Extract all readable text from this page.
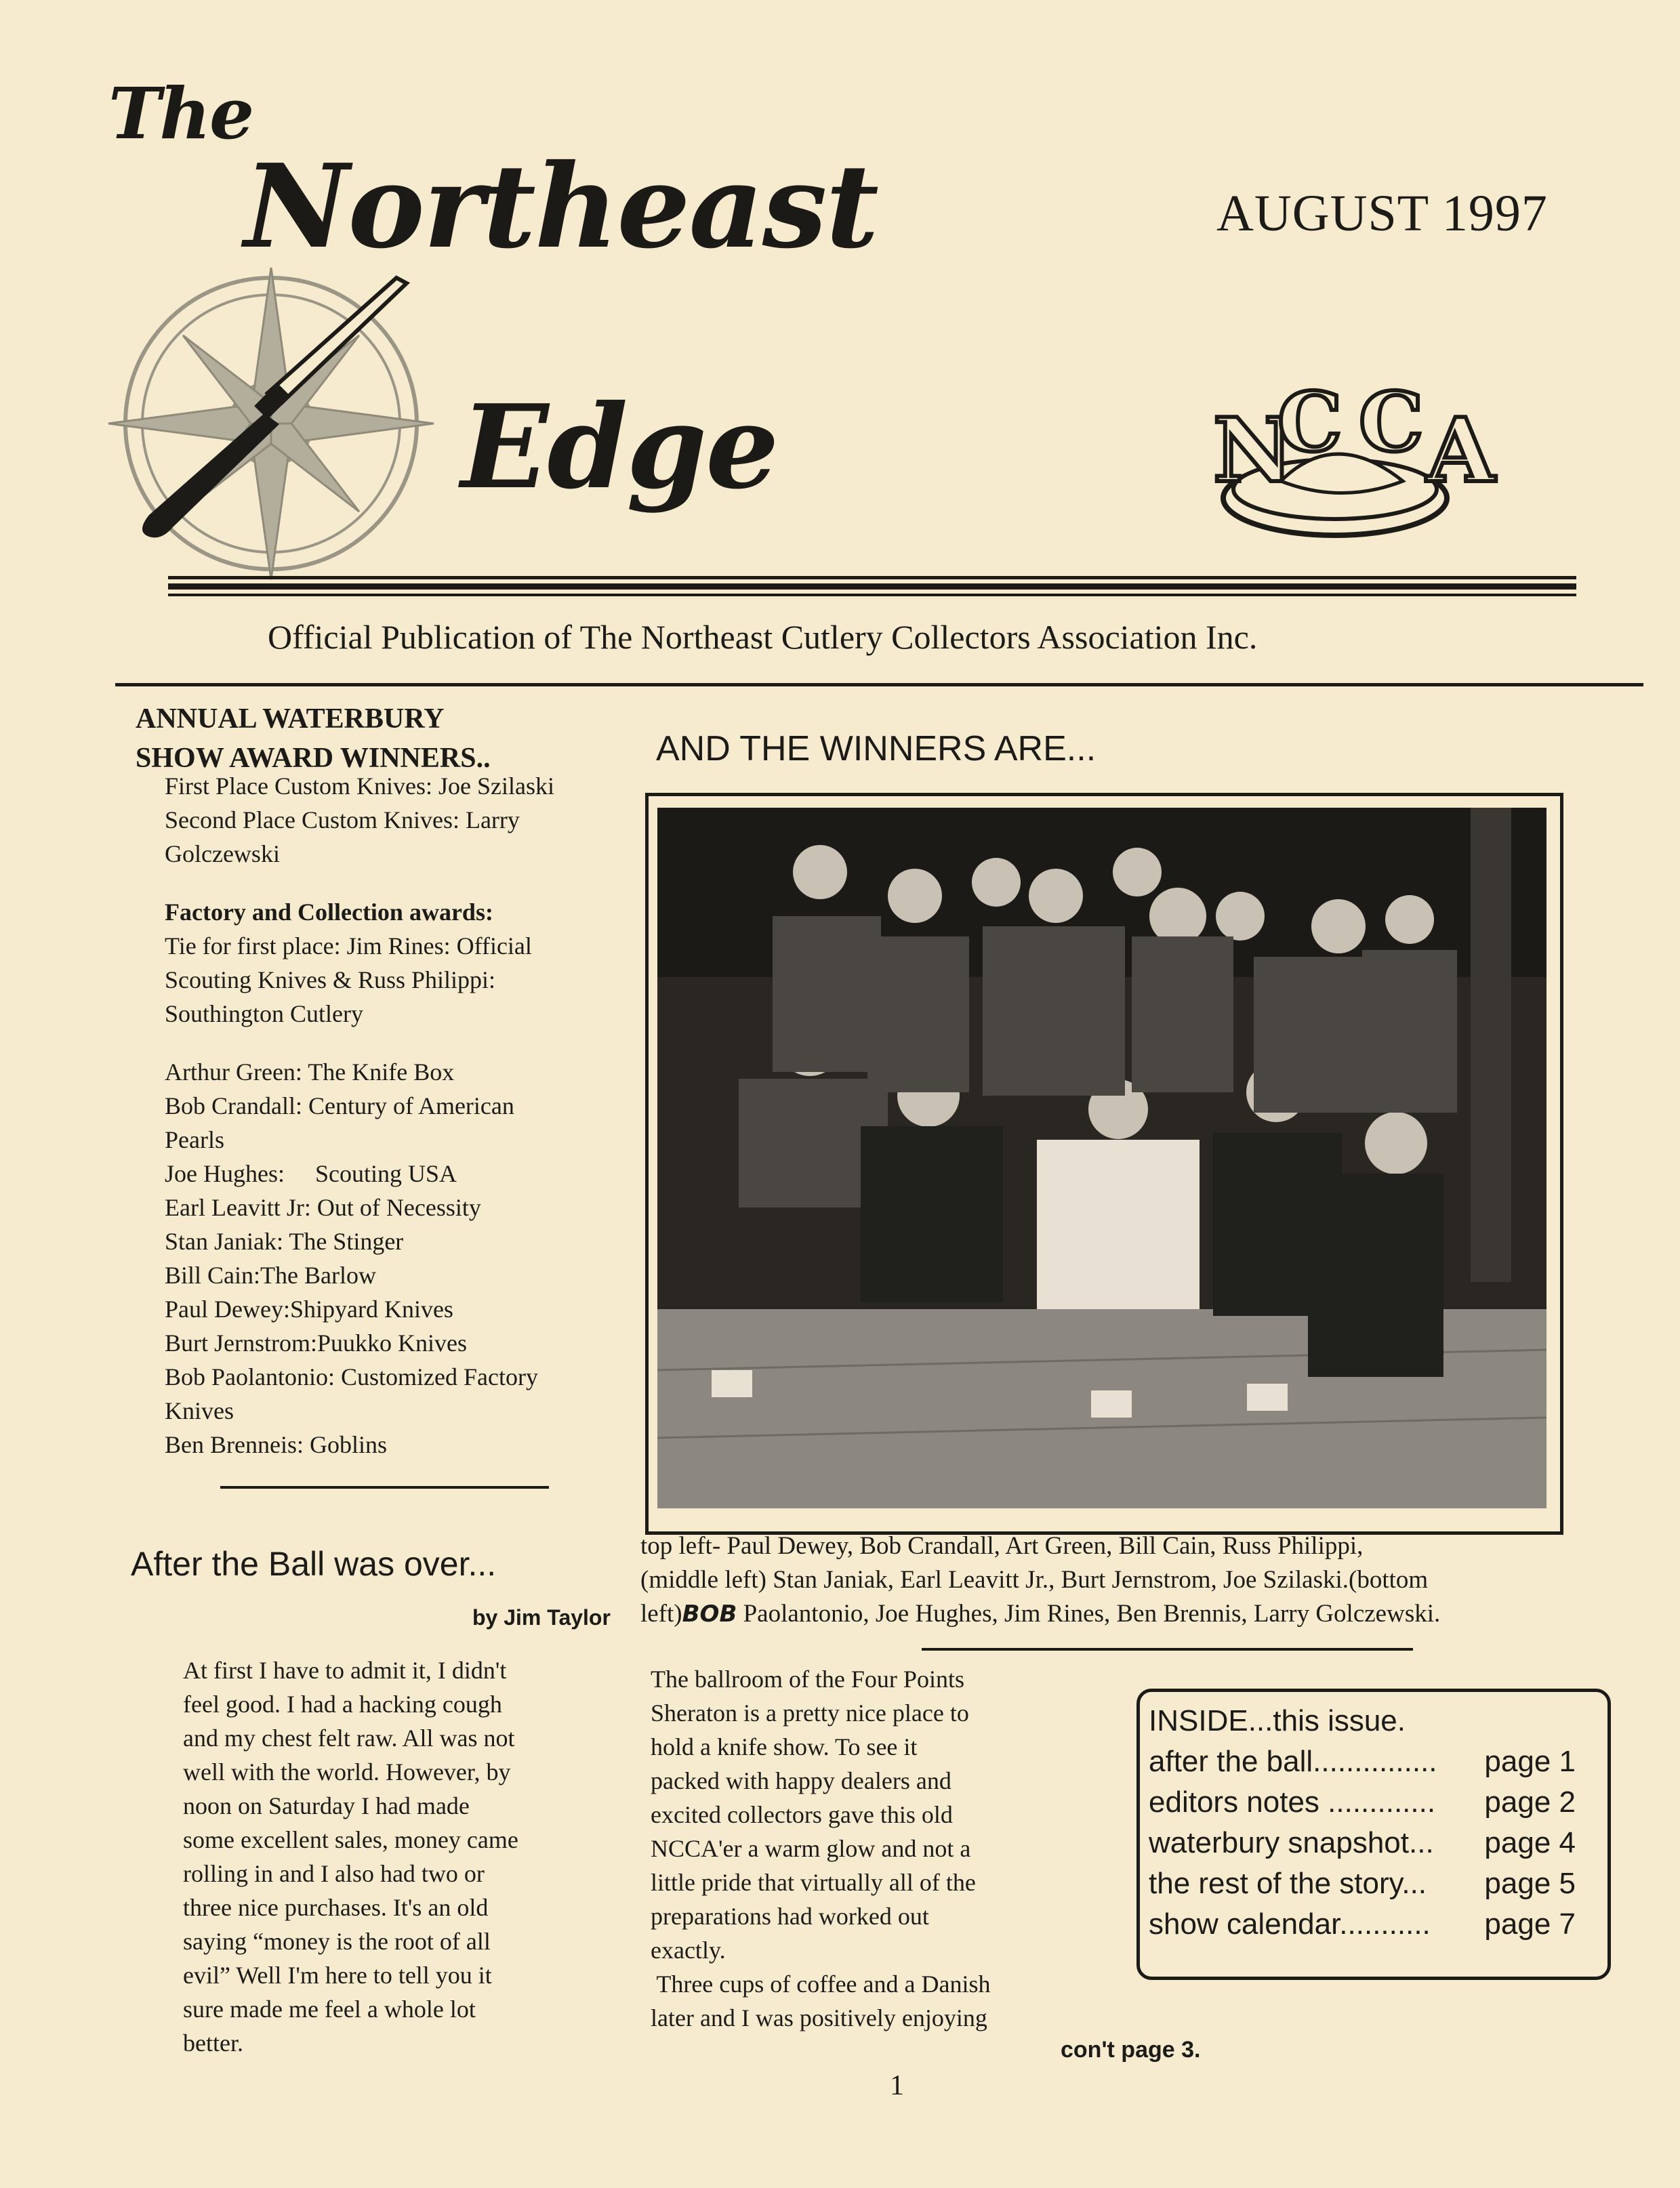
The
Northeast
Edge
AUGUST 1997
N
C C A
Official Publication of The Northeast Cutlery Collectors Association Inc.
ANNUAL WATERBURY
SHOW AWARD WINNERS..

First Place Custom Knives: Joe Szilaski

Second Place Custom Knives: Larry

Golczewski

Factory and Collection awards:

Tie for first place: Jim Rines: Official

Scouting Knives & Russ Philippi:

Southington Cutlery

Arthur Green: The Knife Box

Bob Crandall: Century of American

Pearls

Joe Hughes:     Scouting USA

Earl Leavitt Jr: Out of Necessity

Stan Janiak: The Stinger

Bill Cain:The Barlow

Paul Dewey:Shipyard Knives

Burt Jernstrom:Puukko Knives

Bob Paolantonio: Customized Factory

Knives

Ben Brenneis: Goblins

AND THE WINNERS ARE...
top left- Paul Dewey, Bob Crandall, Art Green, Bill Cain, Russ Philippi,
(middle left) Stan Janiak, Earl Leavitt Jr., Burt Jernstrom, Joe Szilaski.(bottom
left)BOB Paolantonio, Joe Hughes, Jim Rines, Ben Brennis, Larry Golczewski.
After the Ball was over...
by Jim Taylor
At first I have to admit it, I didn't
feel good. I had a hacking cough
and my chest felt raw. All was not
well with the world. However, by
noon on Saturday I had made
some excellent sales, money came
rolling in and I also had two or
three nice purchases. It's an old
saying “money is the root of all
evil” Well I'm here to tell you it
sure made me feel a whole lot
better.
The ballroom of the Four Points
Sheraton is a pretty nice place to
hold a knife show. To see it
packed with happy dealers and
excited collectors gave this old
NCCA'er a warm glow and not a
little pride that virtually all of the
preparations had worked out
exactly.
Three cups of coffee and a Danish
later and I was positively enjoying
con't page 3.
INSIDE...this issue.
after the ball............... page 1
editors notes ............. page 2
waterbury snapshot... page 4
the rest of the story... page 5
show calendar........... page 7
1
